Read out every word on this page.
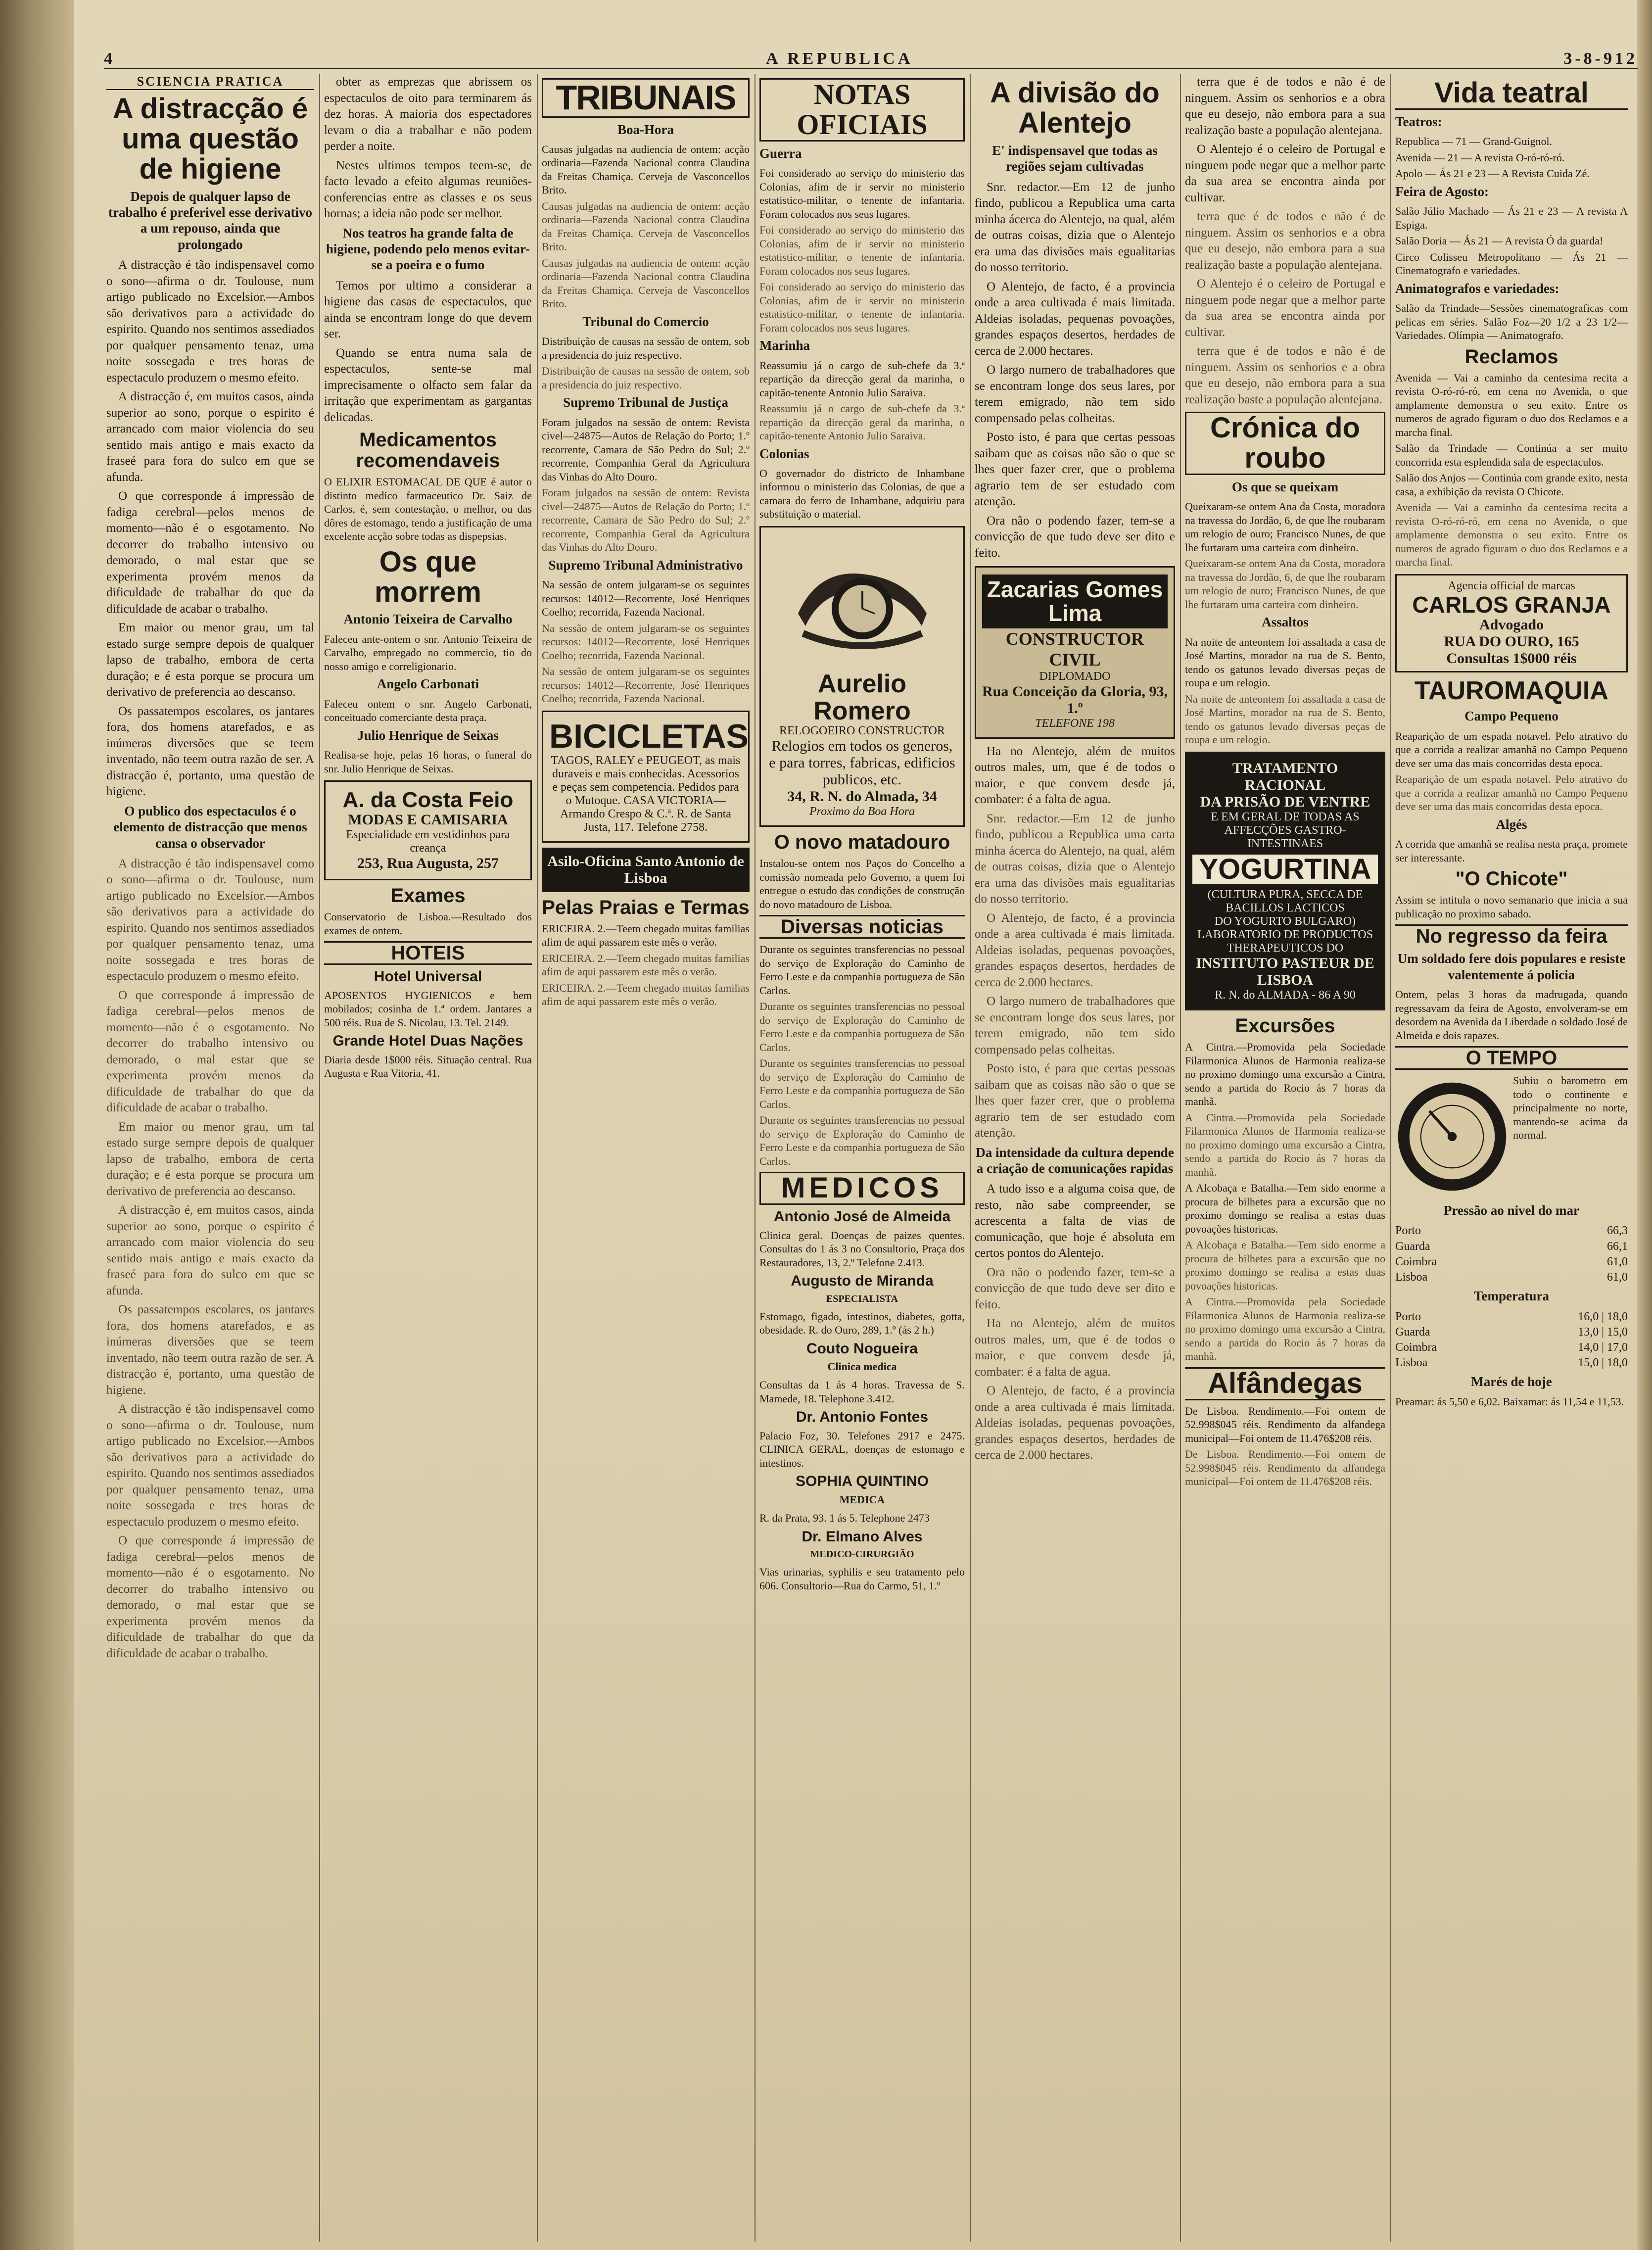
4	A REPUBLICA	3-8-912
SCIENCIA PRATICA
A distracção é uma questão de higiene
Depois de qualquer lapso de trabalho é preferivel esse derivativo a um repouso, ainda que prolongado

A distracção é tão indispensavel como o sono—afirma o dr. Toulouse, num artigo publicado no Excelsior.—Ambos são derivativos para a actividade do espirito. Quando nos sentimos assediados por qualquer pensamento tenaz, uma noite sossegada e tres horas de espectaculo produzem o mesmo efeito.

A distracção é, em muitos casos, ainda superior ao sono, porque o espirito é arrancado com maior violencia do seu sentido mais antigo e mais exacto da fraseé para fora do sulco em que se afunda.

O que corresponde á impressão de fadiga cerebral—pelos menos de momento—não é o esgotamento. No decorrer do trabalho intensivo ou demorado, o mal estar que se experimenta provém menos da dificuldade de trabalhar do que da dificuldade de acabar o trabalho.

Em maior ou menor grau, um tal estado surge sempre depois de qualquer lapso de trabalho, embora de certa duração; e é esta porque se procura um derivativo de preferencia ao descanso.

Os passatempos escolares, os jantares fora, dos homens atarefados, e as inúmeras diversões que se teem inventado, não teem outra razão de ser. A distracção é, portanto, uma questão de higiene.

O publico dos espectaculos é o elemento de distracção que menos cansa o observador

A distracção é tão indispensavel como o sono—afirma o dr. Toulouse, num artigo publicado no Excelsior.—Ambos são derivativos para a actividade do espirito. Quando nos sentimos assediados por qualquer pensamento tenaz, uma noite sossegada e tres horas de espectaculo produzem o mesmo efeito.

O que corresponde á impressão de fadiga cerebral—pelos menos de momento—não é o esgotamento. No decorrer do trabalho intensivo ou demorado, o mal estar que se experimenta provém menos da dificuldade de trabalhar do que da dificuldade de acabar o trabalho.

Em maior ou menor grau, um tal estado surge sempre depois de qualquer lapso de trabalho, embora de certa duração; e é esta porque se procura um derivativo de preferencia ao descanso.

A distracção é, em muitos casos, ainda superior ao sono, porque o espirito é arrancado com maior violencia do seu sentido mais antigo e mais exacto da fraseé para fora do sulco em que se afunda.

Os passatempos escolares, os jantares fora, dos homens atarefados, e as inúmeras diversões que se teem inventado, não teem outra razão de ser. A distracção é, portanto, uma questão de higiene.

A distracção é tão indispensavel como o sono—afirma o dr. Toulouse, num artigo publicado no Excelsior.—Ambos são derivativos para a actividade do espirito. Quando nos sentimos assediados por qualquer pensamento tenaz, uma noite sossegada e tres horas de espectaculo produzem o mesmo efeito.

O que corresponde á impressão de fadiga cerebral—pelos menos de momento—não é o esgotamento. No decorrer do trabalho intensivo ou demorado, o mal estar que se experimenta provém menos da dificuldade de trabalhar do que da dificuldade de acabar o trabalho.

obter as emprezas que abrissem os espectaculos de oito para terminarem ás dez horas. A maioria dos espectadores levam o dia a trabalhar e não podem perder a noite.

Nestes ultimos tempos teem-se, de facto levado a efeito algumas reuniões-conferencias entre as classes e os seus hornas; a ideia não pode ser melhor.

Nos teatros ha grande falta de higiene, podendo pelo menos evitar-se a poeira e o fumo

Temos por ultimo a considerar a higiene das casas de espectaculos, que ainda se encontram longe do que devem ser.

Quando se entra numa sala de espectaculos, sente-se mal imprecisamente o olfacto sem falar da irritação que experimentam as gargantas delicadas.

Medicamentos recomendaveis

O ELIXIR ESTOMACAL DE QUE é autor o distinto medico farmaceutico Dr. Saiz de Carlos, é, sem contestação, o melhor, ou das dôres de estomago, tendo a justificação de uma excelente acção sobre todas as dispepsias.

Os que morrem
Antonio Teixeira de Carvalho

Faleceu ante-ontem o snr. Antonio Teixeira de Carvalho, empregado no commercio, tio do nosso amigo e correligionario.

Angelo Carbonati

Faleceu ontem o snr. Angelo Carbonati, conceituado comerciante desta praça.

Julio Henrique de Seixas

Realisa-se hoje, pelas 16 horas, o funeral do snr. Julio Henrique de Seixas.

A. da Costa Feio
MODAS E CAMISARIA
Especialidade em vestidinhos para creança
253, Rua Augusta, 257
Exames

Conservatorio de Lisboa.—Resultado dos exames de ontem.

HOTEIS
Hotel Universal

APOSENTOS HYGIENICOS e bem mobilados; cosinha de 1.ª ordem. Jantares a 500 réis. Rua de S. Nicolau, 13. Tel. 2149.

Grande Hotel Duas Nações

Diaria desde 1$000 réis. Situação central. Rua Augusta e Rua Vitoria, 41.

TRIBUNAIS
Boa-Hora

Causas julgadas na audiencia de ontem: acção ordinaria—Fazenda Nacional contra Claudina da Freitas Chamiça. Cerveja de Vasconcellos Brito.

Causas julgadas na audiencia de ontem: acção ordinaria—Fazenda Nacional contra Claudina da Freitas Chamiça. Cerveja de Vasconcellos Brito.

Causas julgadas na audiencia de ontem: acção ordinaria—Fazenda Nacional contra Claudina da Freitas Chamiça. Cerveja de Vasconcellos Brito.

Tribunal do Comercio

Distribuição de causas na sessão de ontem, sob a presidencia do juiz respectivo.

Distribuição de causas na sessão de ontem, sob a presidencia do juiz respectivo.

Supremo Tribunal de Justiça

Foram julgados na sessão de ontem: Revista civel—24875—Autos de Relação do Porto; 1.º recorrente, Camara de São Pedro do Sul; 2.º recorrente, Companhia Geral da Agricultura das Vinhas do Alto Douro.

Foram julgados na sessão de ontem: Revista civel—24875—Autos de Relação do Porto; 1.º recorrente, Camara de São Pedro do Sul; 2.º recorrente, Companhia Geral da Agricultura das Vinhas do Alto Douro.

Supremo Tribunal Administrativo

Na sessão de ontem julgaram-se os seguintes recursos: 14012—Recorrente, José Henriques Coelho; recorrida, Fazenda Nacional.

Na sessão de ontem julgaram-se os seguintes recursos: 14012—Recorrente, José Henriques Coelho; recorrida, Fazenda Nacional.

Na sessão de ontem julgaram-se os seguintes recursos: 14012—Recorrente, José Henriques Coelho; recorrida, Fazenda Nacional.

BICICLETAS
TAGOS, RALEY e PEUGEOT, as mais duraveis e mais conhecidas. Acessorios e peças sem competencia. Pedidos para o Mutoque. CASA VICTORIA—Armando Crespo & C.ª. R. de Santa Justa, 117. Telefone 2758.
Asilo-Oficina Santo Antonio de Lisboa
Pelas Praias e Termas

ERICEIRA. 2.—Teem chegado muitas familias afim de aqui passarem este mês o verão.

ERICEIRA. 2.—Teem chegado muitas familias afim de aqui passarem este mês o verão.

ERICEIRA. 2.—Teem chegado muitas familias afim de aqui passarem este mês o verão.

NOTAS OFICIAIS
Guerra

Foi considerado ao serviço do ministerio das Colonias, afim de ir servir no ministerio estatistico-militar, o tenente de infantaria. Foram colocados nos seus lugares.

Foi considerado ao serviço do ministerio das Colonias, afim de ir servir no ministerio estatistico-militar, o tenente de infantaria. Foram colocados nos seus lugares.

Foi considerado ao serviço do ministerio das Colonias, afim de ir servir no ministerio estatistico-militar, o tenente de infantaria. Foram colocados nos seus lugares.

Marinha

Reassumiu já o cargo de sub-chefe da 3.ª repartição da direcção geral da marinha, o capitão-tenente Antonio Julio Saraiva.

Reassumiu já o cargo de sub-chefe da 3.ª repartição da direcção geral da marinha, o capitão-tenente Antonio Julio Saraiva.

Colonias

O governador do districto de Inhambane informou o ministerio das Colonias, de que a camara do ferro de Inhambane, adquiriu para substituição o material.

Aurelio Romero
RELOGOEIRO CONSTRUCTOR
Relogios em todos os generos, e para torres, fabricas, edificios publicos, etc.
34, R. N. do Almada, 34
Proximo da Boa Hora
O novo matadouro

Instalou-se ontem nos Paços do Concelho a comissão nomeada pelo Governo, a quem foi entregue o estudo das condições de construção do novo matadouro de Lisboa.

Diversas noticias

Durante os seguintes transferencias no pessoal do serviço de Exploração do Caminho de Ferro Leste e da companhia portugueza de São Carlos.

Durante os seguintes transferencias no pessoal do serviço de Exploração do Caminho de Ferro Leste e da companhia portugueza de São Carlos.

Durante os seguintes transferencias no pessoal do serviço de Exploração do Caminho de Ferro Leste e da companhia portugueza de São Carlos.

Durante os seguintes transferencias no pessoal do serviço de Exploração do Caminho de Ferro Leste e da companhia portugueza de São Carlos.

MEDICOS
Antonio José de Almeida

Clinica geral. Doenças de paizes quentes. Consultas do 1 ás 3 no Consultorio, Praça dos Restauradores, 13, 2.º Telefone 2.413.

Augusto de Miranda
ESPECIALISTA

Estomago, figado, intestinos, diabetes, gotta, obesidade. R. do Ouro, 289, 1.º (ás 2 h.)

Couto Nogueira
Clinica medica

Consultas da 1 ás 4 horas. Travessa de S. Mamede, 18. Telephone 3.412.

Dr. Antonio Fontes

Palacio Foz, 30. Telefones 2917 e 2475. CLINICA GERAL, doenças de estomago e intestinos.

SOPHIA QUINTINO
MEDICA

R. da Prata, 93. 1 ás 5. Telephone 2473

Dr. Elmano Alves
MEDICO-CIRURGIÃO

Vias urinarias, syphilis e seu tratamento pelo 606. Consultorio—Rua do Carmo, 51, 1.º

A divisão do Alentejo
E' indispensavel que todas as regiões sejam cultivadas

Snr. redactor.—Em 12 de junho findo, publicou a Republica uma carta minha ácerca do Alentejo, na qual, além de outras coisas, dizia que o Alentejo era uma das divisões mais egualitarias do nosso territorio.

O Alentejo, de facto, é a provincia onde a area cultivada é mais limitada. Aldeias isoladas, pequenas povoações, grandes espaços desertos, herdades de cerca de 2.000 hectares.

O largo numero de trabalhadores que se encontram longe dos seus lares, por terem emigrado, não tem sido compensado pelas colheitas.

Posto isto, é para que certas pessoas saibam que as coisas não são o que se lhes quer fazer crer, que o problema agrario tem de ser estudado com atenção.

Ora não o podendo fazer, tem-se a convicção de que tudo deve ser dito e feito.

Zacarias Gomes Lima
CONSTRUCTOR CIVIL
DIPLOMADO
Rua Conceição da Gloria, 93, 1.º
TELEFONE 198

Ha no Alentejo, além de muitos outros males, um, que é de todos o maior, e que convem desde já, combater: é a falta de agua.

Snr. redactor.—Em 12 de junho findo, publicou a Republica uma carta minha ácerca do Alentejo, na qual, além de outras coisas, dizia que o Alentejo era uma das divisões mais egualitarias do nosso territorio.

O Alentejo, de facto, é a provincia onde a area cultivada é mais limitada. Aldeias isoladas, pequenas povoações, grandes espaços desertos, herdades de cerca de 2.000 hectares.

O largo numero de trabalhadores que se encontram longe dos seus lares, por terem emigrado, não tem sido compensado pelas colheitas.

Posto isto, é para que certas pessoas saibam que as coisas não são o que se lhes quer fazer crer, que o problema agrario tem de ser estudado com atenção.

Da intensidade da cultura depende a criação de comunicações rapidas

A tudo isso e a alguma coisa que, de resto, não sabe compreender, se acrescenta a falta de vias de comunicação, que hoje é absoluta em certos pontos do Alentejo.

Ora não o podendo fazer, tem-se a convicção de que tudo deve ser dito e feito.

Ha no Alentejo, além de muitos outros males, um, que é de todos o maior, e que convem desde já, combater: é a falta de agua.

O Alentejo, de facto, é a provincia onde a area cultivada é mais limitada. Aldeias isoladas, pequenas povoações, grandes espaços desertos, herdades de cerca de 2.000 hectares.

terra que é de todos e não é de ninguem. Assim os senhorios e a obra que eu desejo, não embora para a sua realização baste a população alentejana.

O Alentejo é o celeiro de Portugal e ninguem pode negar que a melhor parte da sua area se encontra ainda por cultivar.

terra que é de todos e não é de ninguem. Assim os senhorios e a obra que eu desejo, não embora para a sua realização baste a população alentejana.

O Alentejo é o celeiro de Portugal e ninguem pode negar que a melhor parte da sua area se encontra ainda por cultivar.

terra que é de todos e não é de ninguem. Assim os senhorios e a obra que eu desejo, não embora para a sua realização baste a população alentejana.

Crónica do roubo
Os que se queixam

Queixaram-se ontem Ana da Costa, moradora na travessa do Jordão, 6, de que lhe roubaram um relogio de ouro; Francisco Nunes, de que lhe furtaram uma carteira com dinheiro.

Queixaram-se ontem Ana da Costa, moradora na travessa do Jordão, 6, de que lhe roubaram um relogio de ouro; Francisco Nunes, de que lhe furtaram uma carteira com dinheiro.

Assaltos

Na noite de anteontem foi assaltada a casa de José Martins, morador na rua de S. Bento, tendo os gatunos levado diversas peças de roupa e um relogio.

Na noite de anteontem foi assaltada a casa de José Martins, morador na rua de S. Bento, tendo os gatunos levado diversas peças de roupa e um relogio.

TRATAMENTO RACIONAL
DA PRISÃO DE VENTRE
E EM GERAL DE TODAS AS
AFFECÇÕES GASTRO-INTESTINAES
YOGURTINA
(CULTURA PURA, SECCA DE BACILLOS LACTICOS
DO YOGURTO BULGARO)
LABORATORIO DE PRODUCTOS THERAPEUTICOS DO
INSTITUTO PASTEUR DE LISBOA
R. N. do ALMADA - 86 A 90
Excursões

A Cintra.—Promovida pela Sociedade Filarmonica Alunos de Harmonia realiza-se no proximo domingo uma excursão a Cintra, sendo a partida do Rocio ás 7 horas da manhã.

A Cintra.—Promovida pela Sociedade Filarmonica Alunos de Harmonia realiza-se no proximo domingo uma excursão a Cintra, sendo a partida do Rocio ás 7 horas da manhã.

A Alcobaça e Batalha.—Tem sido enorme a procura de bilhetes para a excursão que no proximo domingo se realisa a estas duas povoações historicas.

A Alcobaça e Batalha.—Tem sido enorme a procura de bilhetes para a excursão que no proximo domingo se realisa a estas duas povoações historicas.

A Cintra.—Promovida pela Sociedade Filarmonica Alunos de Harmonia realiza-se no proximo domingo uma excursão a Cintra, sendo a partida do Rocio ás 7 horas da manhã.

Alfândegas

De Lisboa. Rendimento.—Foi ontem de 52.998$045 réis. Rendimento da alfandega municipal—Foi ontem de 11.476$208 réis.

De Lisboa. Rendimento.—Foi ontem de 52.998$045 réis. Rendimento da alfandega municipal—Foi ontem de 11.476$208 réis.

Vida teatral
Teatros:

Republica — 71 — Grand-Guignol.

Avenida — 21 — A revista O-ró-ró-ró.

Apolo — Ás 21 e 23 — A Revista Cuida Zé.

Feira de Agosto:

Salão Júlio Machado — Ás 21 e 23 — A revista A Espiga.

Salão Doria — Ás 21 — A revista Ó da guarda!

Circo Colisseu Metropolitano — Ás 21 — Cinematografo e variedades.

Animatografos e variedades:

Salão da Trindade—Sessões cinematograficas com pelicas em séries. Salão Foz—20 1/2 a 23 1/2—Variedades. Olímpia — Animatografo.

Reclamos

Avenida — Vai a caminho da centesima recita a revista O-ró-ró-ró, em cena no Avenida, o que amplamente demonstra o seu exito. Entre os numeros de agrado figuram o duo dos Reclamos e a marcha final.

Salão da Trindade — Continúa a ser muito concorrida esta esplendida sala de espectaculos.

Salão dos Anjos — Continúa com grande exito, nesta casa, a exhibição da revista O Chicote.

Avenida — Vai a caminho da centesima recita a revista O-ró-ró-ró, em cena no Avenida, o que amplamente demonstra o seu exito. Entre os numeros de agrado figuram o duo dos Reclamos e a marcha final.

Agencia official de marcas
CARLOS GRANJA
Advogado
RUA DO OURO, 165
Consultas 1$000 réis
TAUROMAQUIA
Campo Pequeno

Reaparição de um espada notavel. Pelo atrativo do que a corrida a realizar amanhã no Campo Pequeno deve ser uma das mais concorridas desta epoca.

Reaparição de um espada notavel. Pelo atrativo do que a corrida a realizar amanhã no Campo Pequeno deve ser uma das mais concorridas desta epoca.

Algés

A corrida que amanhã se realisa nesta praça, promete ser interessante.

"O Chicote"

Assim se intitula o novo semanario que inicia a sua publicação no proximo sabado.

No regresso da feira
Um soldado fere dois populares e resiste valentemente á policia

Ontem, pelas 3 horas da madrugada, quando regressavam da feira de Agosto, envolveram-se em desordem na Avenida da Liberdade o soldado José de Almeida e dois rapazes.

O TEMPO

Subiu o barometro em todo o continente e principalmente no norte, mantendo-se acima da normal.

Pressão ao nivel do mar
Porto	66,3
Guarda	66,1
Coimbra	61,0
Lisboa	61,0
Temperatura
Porto	16,0 | 18,0
Guarda	13,0 | 15,0
Coimbra	14,0 | 17,0
Lisboa	15,0 | 18,0
Marés de hoje

Preamar: ás 5,50 e 6,02. Baixamar: ás 11,54 e 11,53.
